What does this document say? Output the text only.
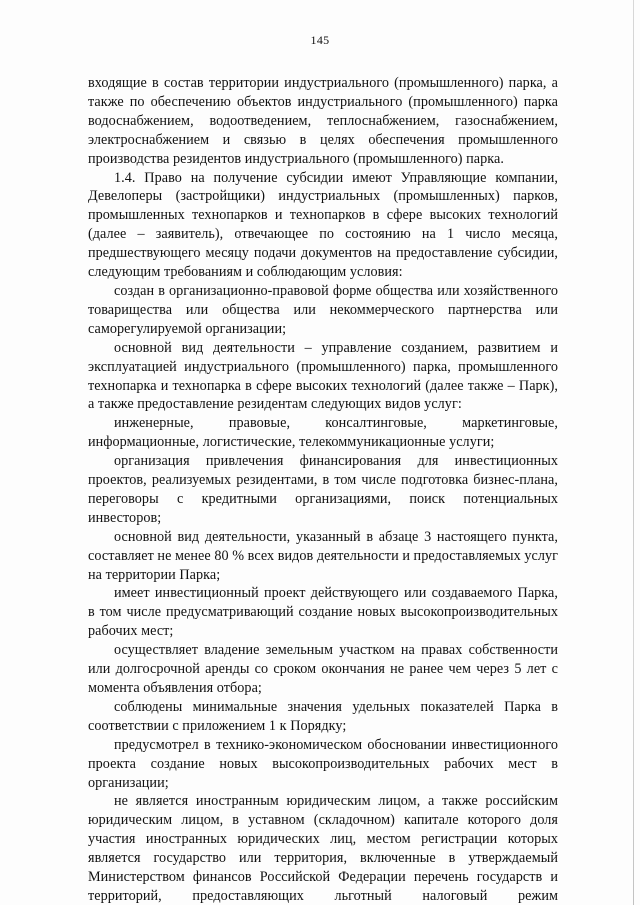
145

входящие в состав территории индустриального (промышленного) парка, а также по обеспечению объектов индустриального (промышленного) парка водоснабжением, водоотведением, теплоснабжением, газоснабжением, электроснабжением и связью в целях обеспечения промышленного производства резидентов индустриального (промышленного) парка.

1.4. Право на получение субсидии имеют Управляющие компании, Девелоперы (застройщики) индустриальных (промышленных) парков, промышленных технопарков и технопарков в сфере высоких технологий (далее – заявитель), отвечающее по состоянию на 1 число месяца, предшествующего месяцу подачи документов на предоставление субсидии, следующим требованиям и соблюдающим условия:

создан в организационно-правовой форме общества или хозяйственного товарищества или общества или некоммерческого партнерства или саморегулируемой организации;

основной вид деятельности – управление созданием, развитием и эксплуатацией индустриального (промышленного) парка, промышленного технопарка и технопарка в сфере высоких технологий (далее также – Парк), а также предоставление резидентам следующих видов услуг:

инженерные, правовые, консалтинговые, маркетинговые, информационные, логистические, телекоммуникационные услуги;

организация привлечения финансирования для инвестиционных проектов, реализуемых резидентами, в том числе подготовка бизнес-плана, переговоры с кредитными организациями, поиск потенциальных инвесторов;

основной вид деятельности, указанный в абзаце 3 настоящего пункта, составляет не менее 80 % всех видов деятельности и предоставляемых услуг на территории Парка;

имеет инвестиционный проект действующего или создаваемого Парка, в том числе предусматривающий создание новых высокопроизводительных рабочих мест;

осуществляет владение земельным участком на правах собственности или долгосрочной аренды со сроком окончания не ранее чем через 5 лет с момента объявления отбора;

соблюдены минимальные значения удельных показателей Парка в соответствии с приложением 1 к Порядку;

предусмотрел в технико-экономическом обосновании инвестиционного проекта создание новых высокопроизводительных рабочих мест в организации;

не является иностранным юридическим лицом, а также российским юридическим лицом, в уставном (складочном) капитале которого доля участия иностранных юридических лиц, местом регистрации которых является государство или территория, включенные в утверждаемый Министерством финансов Российской Федерации перечень государств и территорий, предоставляющих льготный налоговый режим
